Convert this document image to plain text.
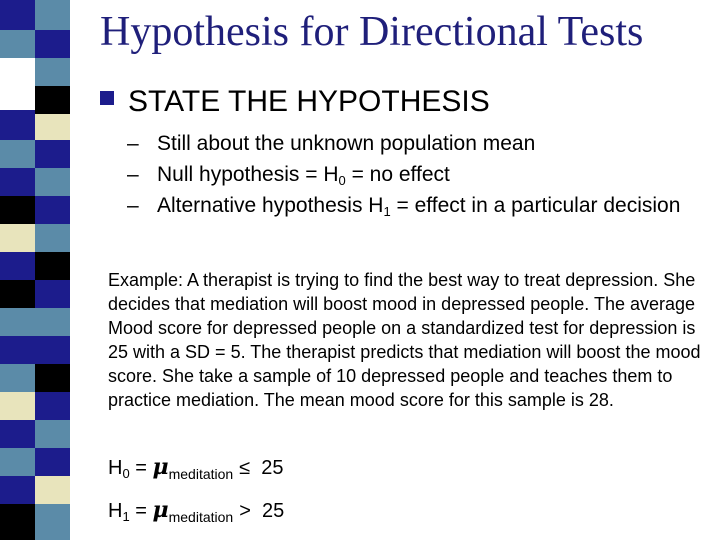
Hypothesis for Directional Tests
STATE THE HYPOTHESIS
– Still about the unknown population mean
– Null hypothesis = $H_0$ = no effect
– Alternative hypothesis $H_1$ = effect in a particular decision

Example: A therapist is trying to find the best way to treat depression. She decides that mediation will boost mood in depressed people. The average Mood score for depressed people on a standardized test for depression is 25 with a SD = 5. The therapist predicts that mediation will boost the mood score. She take a sample of 10 depressed people and teaches them to practice mediation. The mean mood score for this sample is 28.

$H_0 = \mu_{meditation} \le 25$
$H_1 = \mu_{meditation} > 25$
